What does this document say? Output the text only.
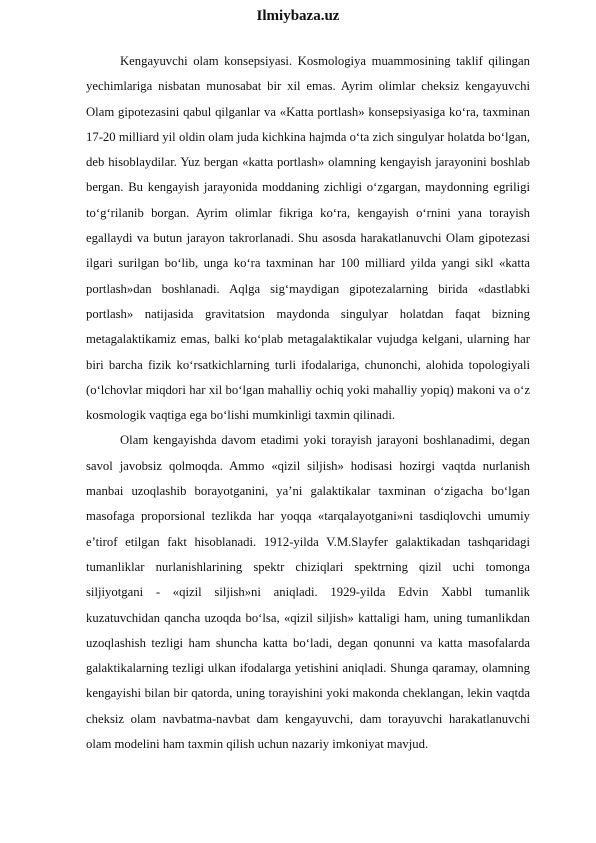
Ilmiybaza.uz

Kengayuvchi olam konsepsiyasi. Kosmologiya muammosining taklif qilingan yechimlariga nisbatan munosabat bir xil emas. Ayrim olimlar cheksiz kengayuvchi Olam gipotezasini qabul qilganlar va «Katta portlash» konsepsiyasiga ko‘ra, taxminan 17-20 milliard yil oldin olam juda kichkina hajmda o‘ta zich singulyar holatda bo‘lgan, deb hisoblaydilar. Yuz bergan «katta portlash» olamning kengayish jarayonini boshlab bergan. Bu kengayish jarayonida moddaning zichligi o‘zgargan, maydonning egriligi to‘g‘rilanib borgan. Ayrim olimlar fikriga ko‘ra, kengayish o‘rnini yana torayish egallaydi va butun jarayon takrorlanadi. Shu asosda harakatlanuvchi Olam gipotezasi ilgari surilgan bo‘lib, unga ko‘ra taxminan har 100 milliard yilda yangi sikl «katta portlash»dan boshlanadi. Aqlga sig‘maydigan gipotezalarning birida «dastlabki portlash» natijasida gravitatsion maydonda singulyar holatdan faqat bizning metagalaktikamiz emas, balki ko‘plab metagalaktikalar vujudga kelgani, ularning har biri barcha fizik ko‘rsatkichlarning turli ifodalariga, chunonchi, alohida topologiyali (o‘lchovlar miqdori har xil bo‘lgan mahalliy ochiq yoki mahalliy yopiq) makoni va o‘z kosmologik vaqtiga ega bo‘lishi mumkinligi taxmin qilinadi.

Olam kengayishda davom etadimi yoki torayish jarayoni boshlanadimi, degan savol javobsiz qolmoqda. Ammo «qizil siljish» hodisasi hozirgi vaqtda nurlanish manbai uzoqlashib borayotganini, ya’ni galaktikalar taxminan o‘zigacha bo‘lgan masofaga proporsional tezlikda har yoqqa «tarqalayotgani»ni tasdiqlovchi umumiy e’tirof etilgan fakt hisoblanadi. 1912-yilda V.M.Slayfer galaktikadan tashqaridagi tumanliklar nurlanishlarining spektr chiziqlari spektrning qizil uchi tomonga siljiyotgani - «qizil siljish»ni aniqladi. 1929-yilda Edvin Xabbl tumanlik kuzatuvchidan qancha uzoqda bo‘lsa, «qizil siljish» kattaligi ham, uning tumanlikdan uzoqlashish tezligi ham shuncha katta bo‘ladi, degan qonunni va katta masofalarda galaktikalarning tezligi ulkan ifodalarga yetishini aniqladi. Shunga qaramay, olamning kengayishi bilan bir qatorda, uning torayishini yoki makonda cheklangan, lekin vaqtda cheksiz olam navbatma-navbat dam kengayuvchi, dam torayuvchi harakatlanuvchi olam modelini ham taxmin qilish uchun nazariy imkoniyat mavjud.
